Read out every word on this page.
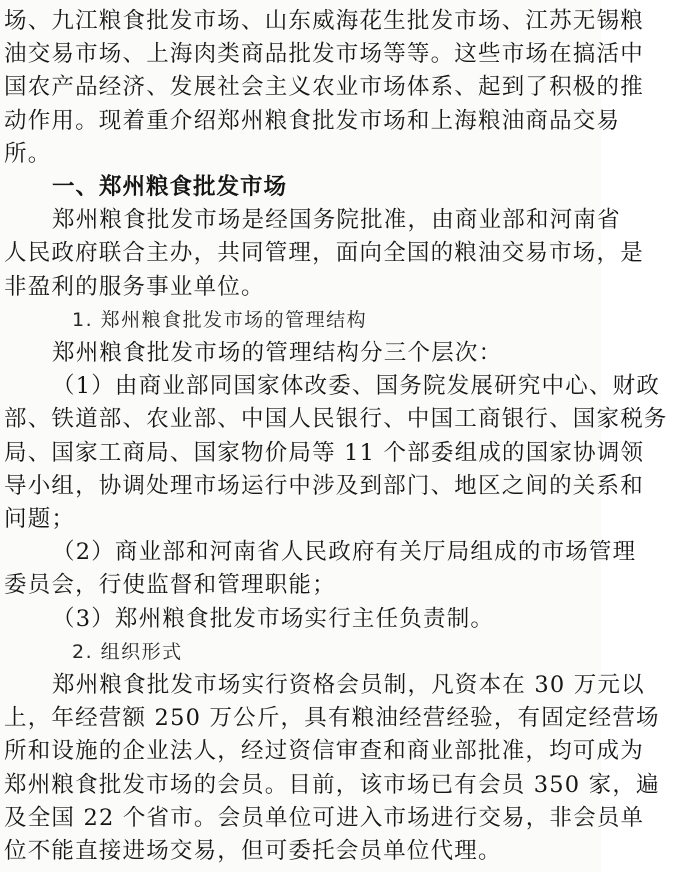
场、九江粮食批发市场、山东威海花生批发市场、江苏无锡粮
油交易市场、上海肉类商品批发市场等等。这些市场在搞活中
国农产品经济、发展社会主义农业市场体系、起到了积极的推
动作用。现着重介绍郑州粮食批发市场和上海粮油商品交易
所。
一、郑州粮食批发市场
郑州粮食批发市场是经国务院批准，由商业部和河南省
人民政府联合主办，共同管理，面向全国的粮油交易市场，是
非盈利的服务事业单位。
1. 郑州粮食批发市场的管理结构
郑州粮食批发市场的管理结构分三个层次：
（1）由商业部同国家体改委、国务院发展研究中心、财政
部、铁道部、农业部、中国人民银行、中国工商银行、国家税务
局、国家工商局、国家物价局等 11 个部委组成的国家协调领
导小组，协调处理市场运行中涉及到部门、地区之间的关系和
问题；
（2）商业部和河南省人民政府有关厅局组成的市场管理
委员会，行使监督和管理职能；
（3）郑州粮食批发市场实行主任负责制。
2. 组织形式
郑州粮食批发市场实行资格会员制，凡资本在 30 万元以
上，年经营额 250 万公斤，具有粮油经营经验，有固定经营场
所和设施的企业法人，经过资信审查和商业部批准，均可成为
郑州粮食批发市场的会员。目前，该市场已有会员 350 家，遍
及全国 22 个省市。会员单位可进入市场进行交易，非会员单
位不能直接进场交易，但可委托会员单位代理。
